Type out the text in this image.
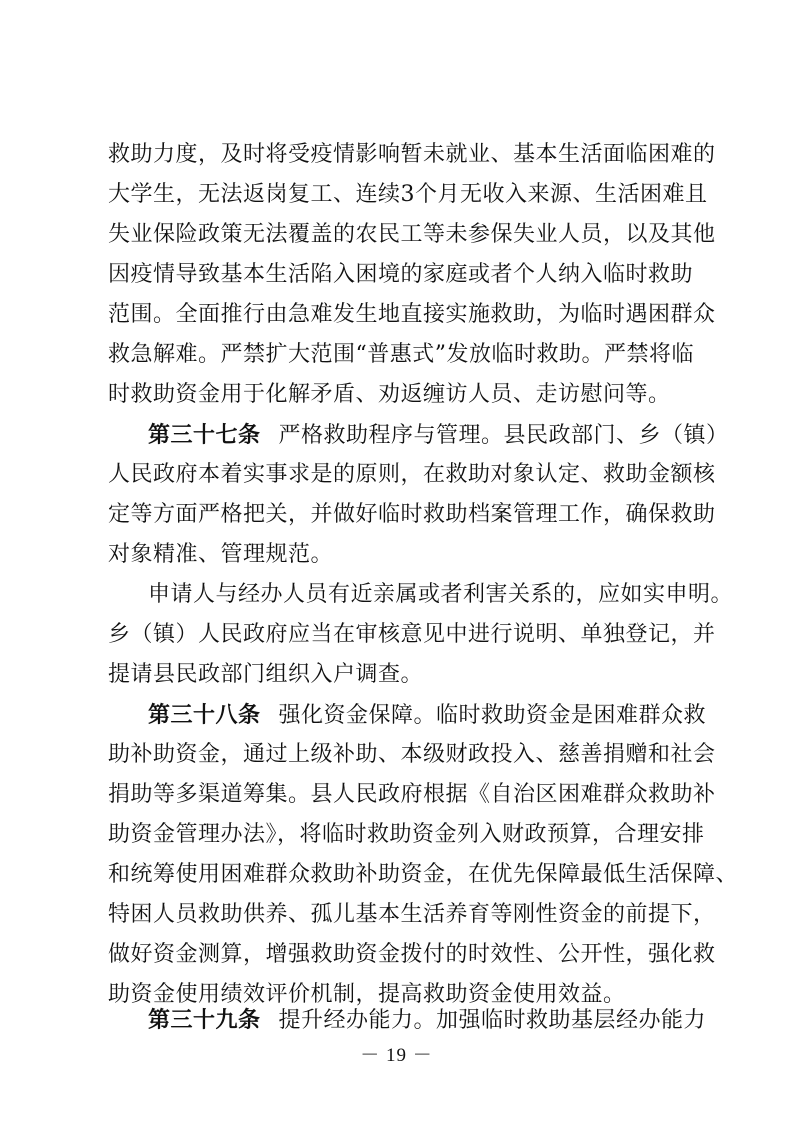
救助力度，及时将受疫情影响暂未就业、基本生活面临困难的
大学生，无法返岗复工、连续3个月无收入来源、生活困难且
失业保险政策无法覆盖的农民工等未参保失业人员，以及其他
因疫情导致基本生活陷入困境的家庭或者个人纳入临时救助
范围。全面推行由急难发生地直接实施救助，为临时遇困群众
救急解难。严禁扩大范围“普惠式”发放临时救助。严禁将临
时救助资金用于化解矛盾、劝返缠访人员、走访慰问等。
第三十七条 严格救助程序与管理。县民政部门、乡（镇）
人民政府本着实事求是的原则，在救助对象认定、救助金额核
定等方面严格把关，并做好临时救助档案管理工作，确保救助
对象精准、管理规范。
申请人与经办人员有近亲属或者利害关系的，应如实申明。
乡（镇）人民政府应当在审核意见中进行说明、单独登记，并
提请县民政部门组织入户调查。
第三十八条 强化资金保障。临时救助资金是困难群众救
助补助资金，通过上级补助、本级财政投入、慈善捐赠和社会
捐助等多渠道筹集。县人民政府根据《自治区困难群众救助补
助资金管理办法》，将临时救助资金列入财政预算，合理安排
和统筹使用困难群众救助补助资金，在优先保障最低生活保障、
特困人员救助供养、孤儿基本生活养育等刚性资金的前提下，
做好资金测算，增强救助资金拨付的时效性、公开性，强化救
助资金使用绩效评价机制，提高救助资金使用效益。
第三十九条 提升经办能力。加强临时救助基层经办能力
－ 19 －
